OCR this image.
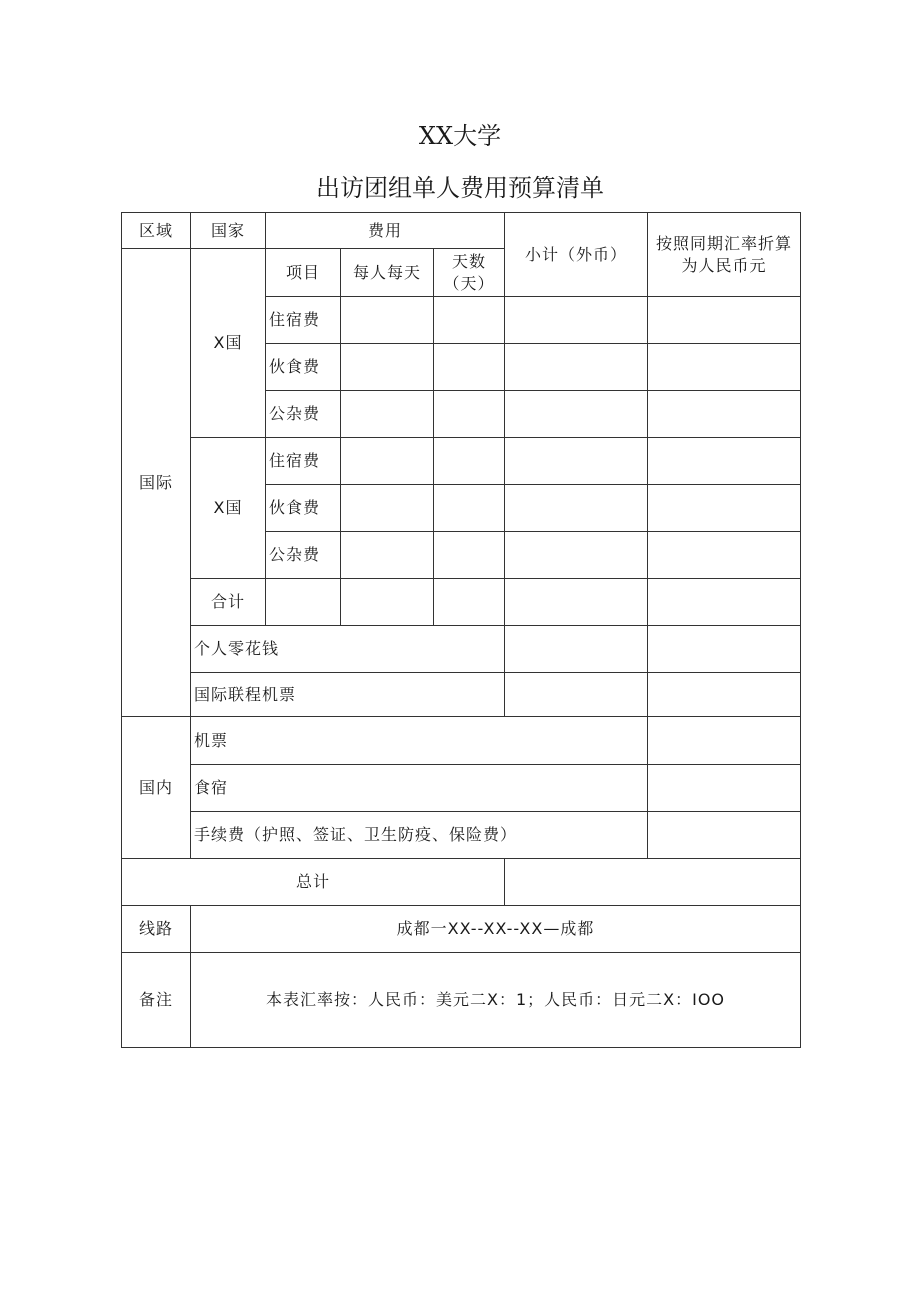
XX大学
出访团组单人费用预算清单
区域	国家	费用			小计（外币）	按照同期汇率折算为人民币元
国际	X国	项目	每人每天	天数（天）		
		住宿费				
		伙食费				
		公杂费				
	X国	住宿费				
		伙食费				
		公杂费				
	合计					
	个人零花钱					
	国际联程机票					
国内	机票					
	食宿					
	手续费（护照、签证、卫生防疫、保险费）					
总计						
线路	成都一XX--XX--XX—成都					
备注	本表汇率按：人民币：美元二X：1；人民币：日元二X：IOO					
